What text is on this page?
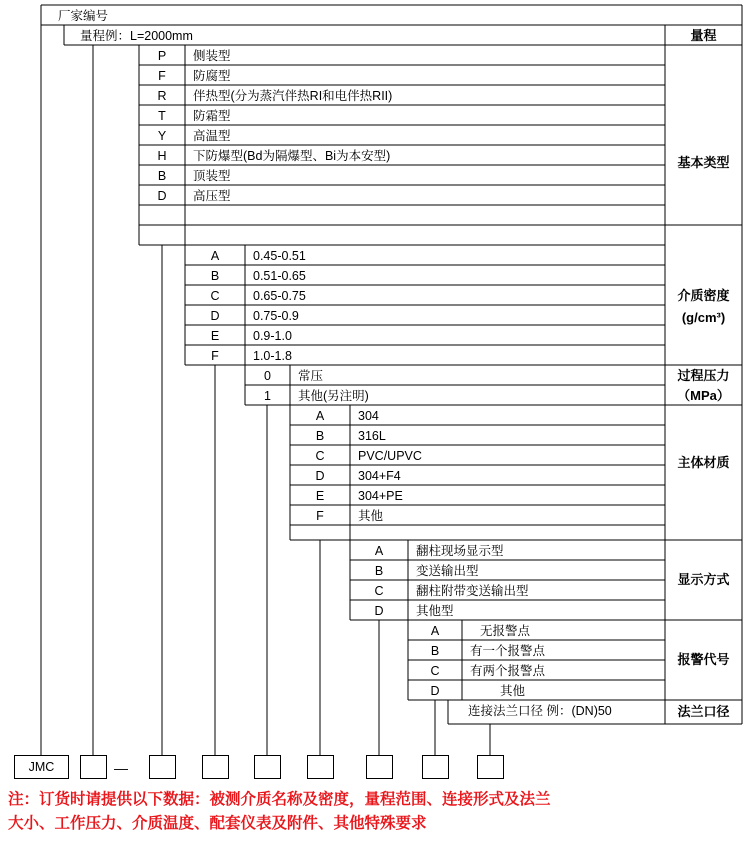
厂家编号
量程例：L=2000mm	量程
基本类型
介质密度
(g/cm³)
过程压力
（MPa）
主体材质
显示方式
报警代号
法兰口径
P	侧装型
F	防腐型
R	伴热型(分为蒸汽伴热RI和电伴热RII)
T	防霜型
Y	高温型
H	下防爆型(Bd为隔爆型、Bi为本安型)
B	顶装型
D	高压型
A	0.45-0.51
B	0.51-0.65
C	0.65-0.75
D	0.75-0.9
E	0.9-1.0
F	1.0-1.8
0	常压
1	其他(另注明)
A	304
B	316L
C	PVC/UPVC
D	304+F4
E	304+PE
F	其他
A	翻柱现场显示型
B	变送输出型
C	翻柱附带变送输出型
D	其他型
A	无报警点
B	有一个报警点
C	有两个报警点
D	其他
连接法兰口径 例：(DN)50
JMC	—
注：订货时请提供以下数据：被测介质名称及密度，量程范围、连接形式及法兰
大小、工作压力、介质温度、配套仪表及附件、其他特殊要求
